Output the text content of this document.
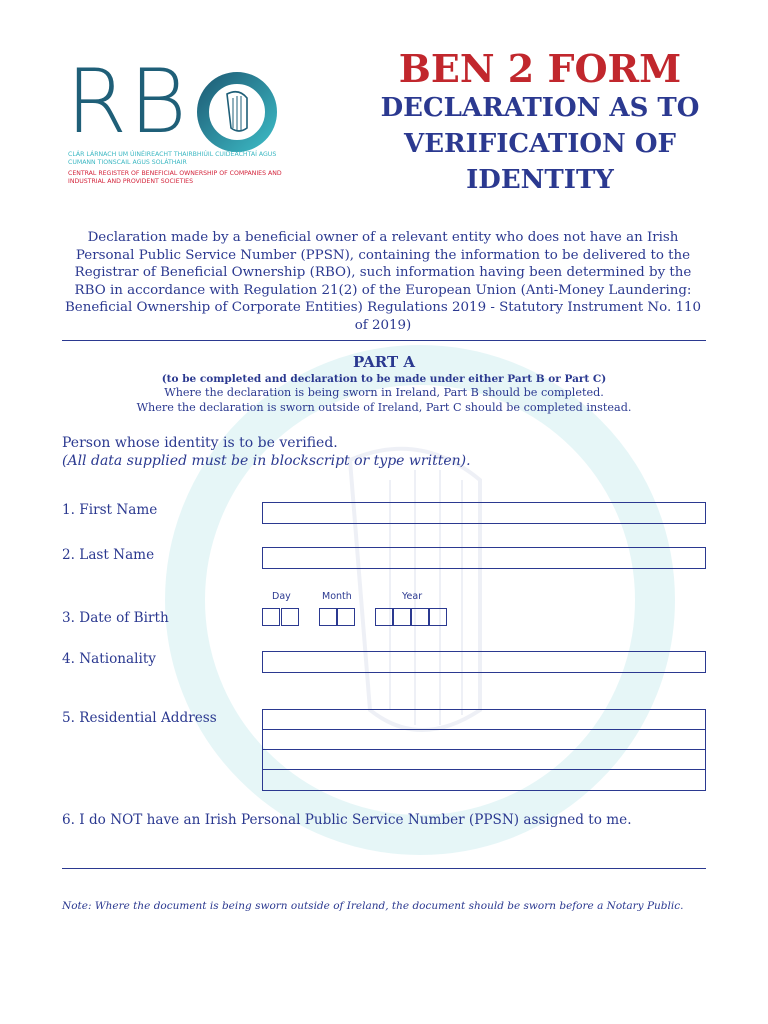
RB
CLÁR LÁRNACH UM ÚINÉIREACHT THAIRBHIÚIL CUIDEACHTAÍ AGUS CUMANN TIONSCAIL AGUS SOLÁTHAIR
CENTRAL REGISTER OF BENEFICIAL OWNERSHIP OF COMPANIES AND INDUSTRIAL AND PROVIDENT SOCIETIES
BEN 2 FORM
DECLARATION AS TO VERIFICATION OF IDENTITY
Declaration made by a beneficial owner of a relevant entity who does not have an Irish Personal Public Service Number (PPSN), containing the information to be delivered to the Registrar of Beneficial Ownership (RBO), such information having been determined by the RBO in accordance with Regulation 21(2) of the European Union (Anti-Money Laundering: Beneficial Ownership of Corporate Entities) Regulations 2019 - Statutory Instrument No. 110 of 2019)
PART A
(to be completed and declaration to be made under either Part B or Part C)
Where the declaration is being sworn in Ireland, Part B should be completed.
Where the declaration is sworn outside of Ireland, Part C should be completed instead.
Person whose identity is to be verified.
(All data supplied must be in blockscript or type written).
1. First Name
2. Last Name
Day	Month	Year
3. Date of Birth
4. Nationality
5. Residential Address
6. I do NOT have an Irish Personal Public Service Number (PPSN) assigned to me.
Note: Where the document is being sworn outside of Ireland, the document should be sworn before a Notary Public.
